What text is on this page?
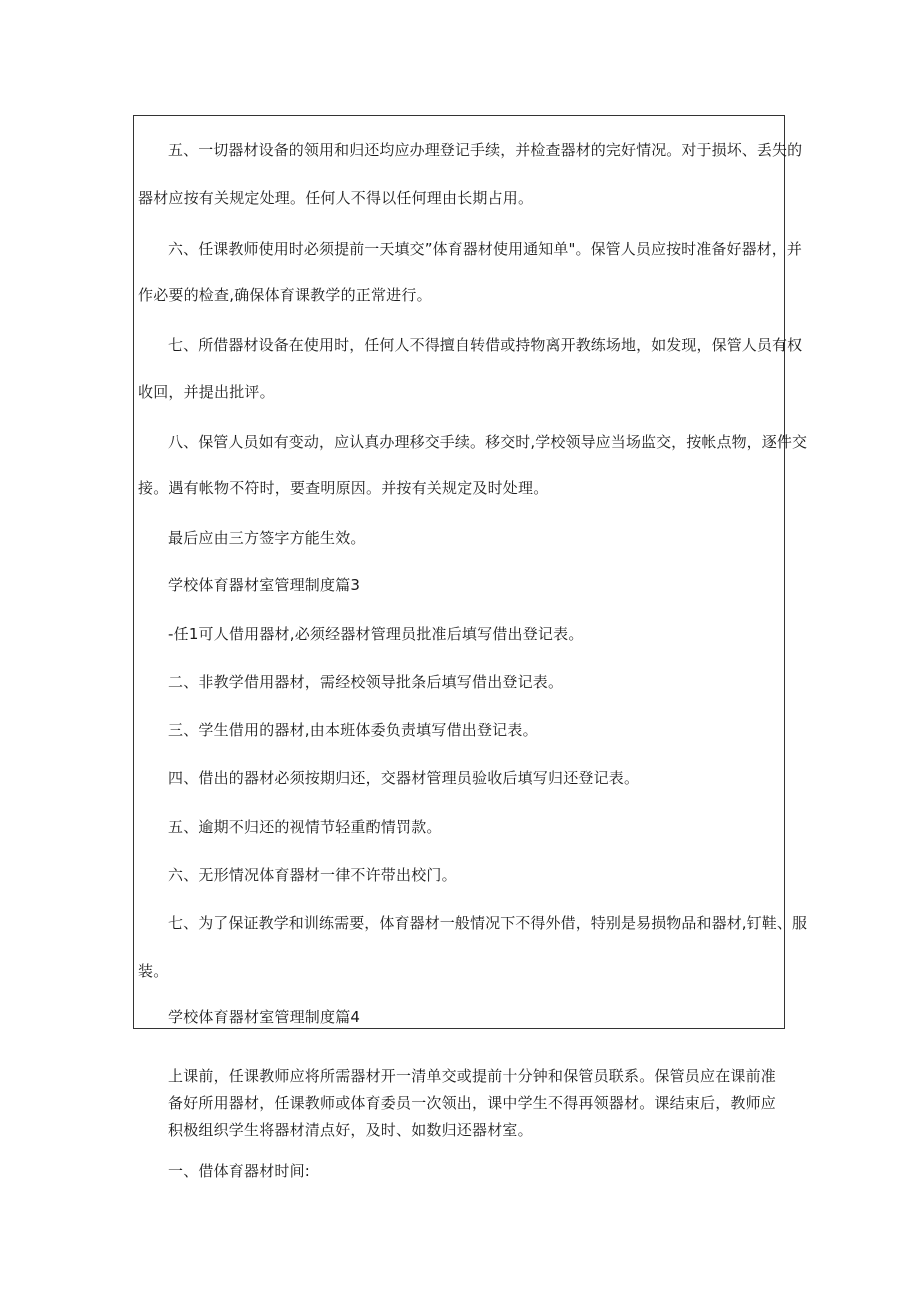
五、一切器材设备的领用和归还均应办理登记手续，并检查器材的完好情况。对于损坏、丢失的

器材应按有关规定处理。任何人不得以任何理由长期占用。

六、任课教师使用时必须提前一天填交”体育器材使用通知单"。保管人员应按时准备好器材，并

作必要的检查,确保体育课教学的正常进行。

七、所借器材设备在使用时，任何人不得擅自转借或持物离开教练场地，如发现，保管人员有权

收回，并提出批评。

八、保管人员如有变动，应认真办理移交手续。移交时,学校领导应当场监交，按帐点物，逐件交

接。遇有帐物不符时，要查明原因。并按有关规定及时处理。

最后应由三方签字方能生效。

学校体育器材室管理制度篇3

-任1可人借用器材,必须经器材管理员批准后填写借出登记表。

二、非教学借用器材，需经校领导批条后填写借出登记表。

三、学生借用的器材,由本班体委负责填写借出登记表。

四、借出的器材必须按期归还，交器材管理员验收后填写归还登记表。

五、逾期不归还的视情节轻重酌情罚款。

六、无形情况体育器材一律不许带出校门。

七、为了保证教学和训练需要，体育器材一般情况下不得外借，特别是易损物品和器材,钉鞋、服

装。

学校体育器材室管理制度篇4

上课前，任课教师应将所需器材开一清单交或提前十分钟和保管员联系。保管员应在课前准备好所用器材，任课教师或体育委员一次领出，课中学生不得再领器材。课结束后，教师应积极组织学生将器材清点好，及时、如数归还器材室。

一、借体育器材时间:
